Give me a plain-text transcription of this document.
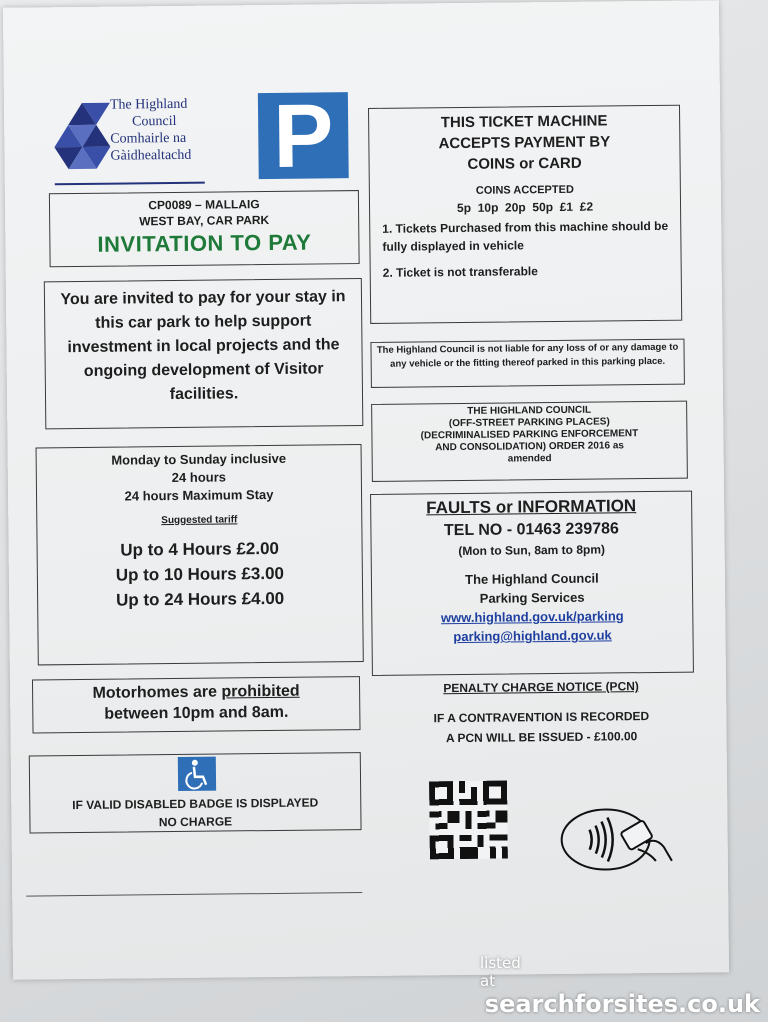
The Highland
Council
Comhairle na
Gàidhealtachd P
CP0089 – MALLAIG
WEST BAY, CAR PARK
INVITATION TO PAY
You are invited to pay for your stay in this car park to help support investment in local projects and the ongoing development of Visitor facilities.
Monday to Sunday inclusive
24 hours
24 hours Maximum Stay
Suggested tariff
Up to 4 Hours £2.00
Up to 10 Hours £3.00
Up to 24 Hours £4.00
Motorhomes are prohibited
between 10pm and 8am.
IF VALID DISABLED BADGE IS DISPLAYED
NO CHARGE
THIS TICKET MACHINE
ACCEPTS PAYMENT BY
COINS or CARD
COINS ACCEPTED
5p  10p  20p  50p  £1  £2
1. Tickets Purchased from this machine should be fully displayed in vehicle
2. Ticket is not transferable
The Highland Council is not liable for any loss of or any damage to any vehicle or the fitting thereof parked in this parking place.
THE HIGHLAND COUNCIL
(OFF-STREET PARKING PLACES)
(DECRIMINALISED PARKING ENFORCEMENT
AND CONSOLIDATION) ORDER 2016 as
amended
FAULTS or INFORMATION
TEL NO - 01463 239786
(Mon to Sun, 8am to 8pm)
The Highland Council
Parking Services
www.highland.gov.uk/parking
parking@highland.gov.uk
PENALTY CHARGE NOTICE (PCN)
IF A CONTRAVENTION IS RECORDED
A PCN WILL BE ISSUED - £100.00
listed at
searchforsites.co.uk
